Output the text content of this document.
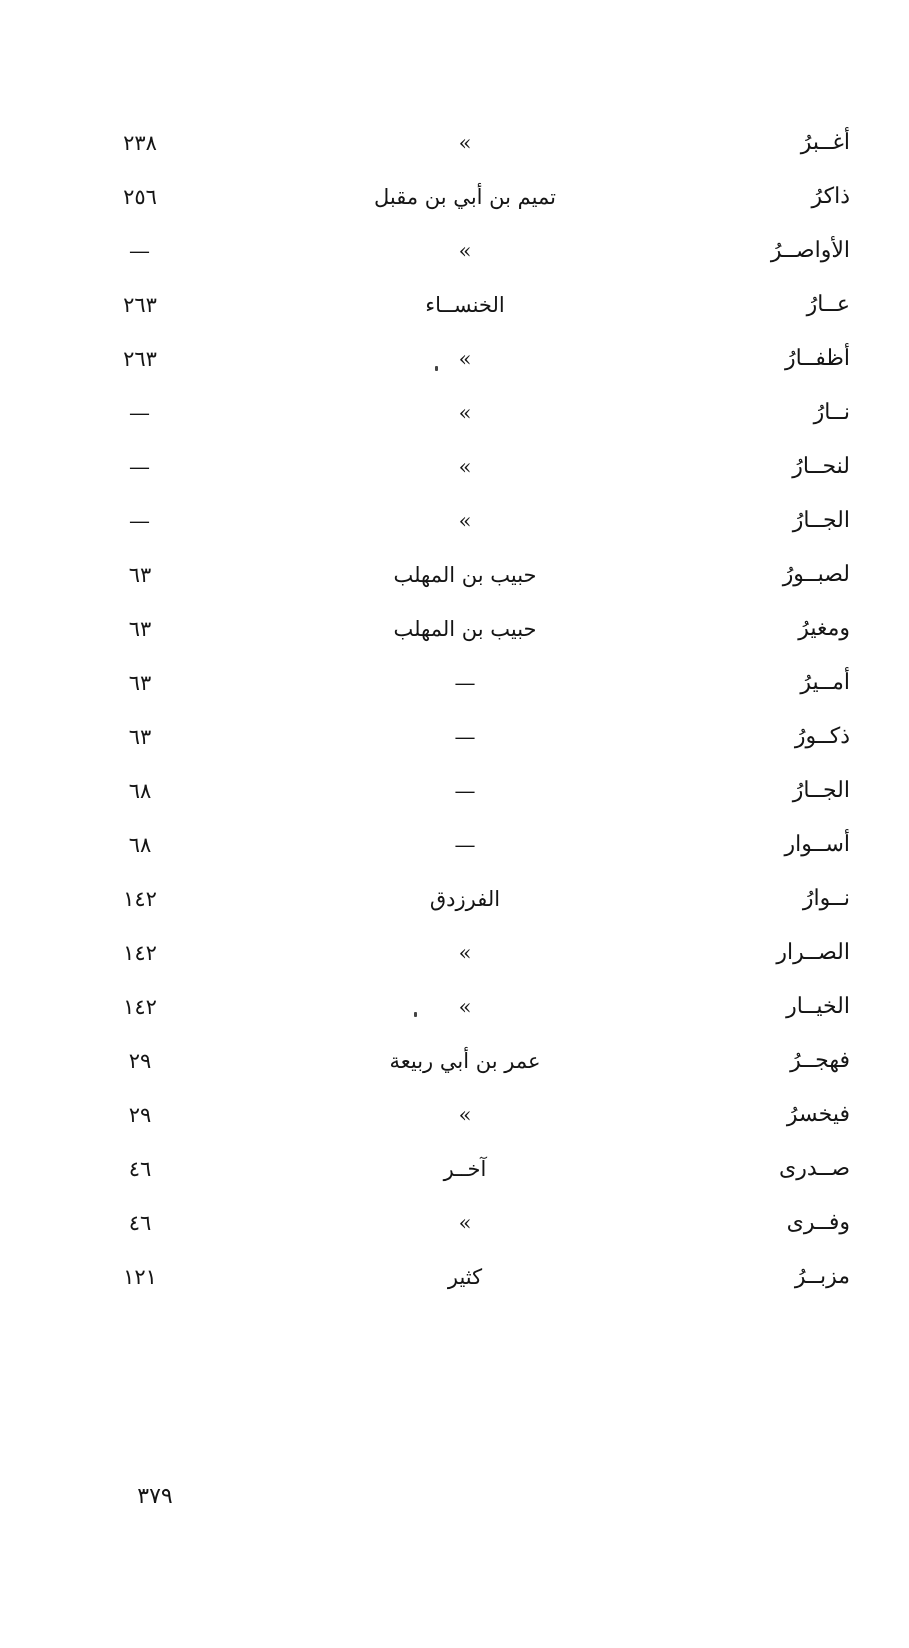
أغــبرُ
»
٢٣٨
ذاكرُ
تميم بن أبي بن مقبل
٢٥٦
الأواصــرُ
»
—
عــارُ
الخنســاء
٢٦٣
أظفــارُ
»
٢٦٣
نــارُ
»
—
لنحــارُ
»
—
الجــارُ
»
—
لصبــورُ
حبيب بن المهلب
٦٣
ومغيرُ
حبيب بن المهلب
٦٣
أمــيرُ
—
٦٣
ذكــورُ
—
٦٣
الجــارُ
—
٦٨
أســوار
—
٦٨
نــوارُ
الفرزدق
١٤٢
الصــرار
»
١٤٢
الخيــار
»
١٤٢
فهجــرُ
عمر بن أبي ربيعة
٢٩
فيخسرُ
»
٢٩
صــدرى
آخــر
٤٦
وفــرى
»
٤٦
مزبــرُ
كثير
١٢١
٣٧٩
